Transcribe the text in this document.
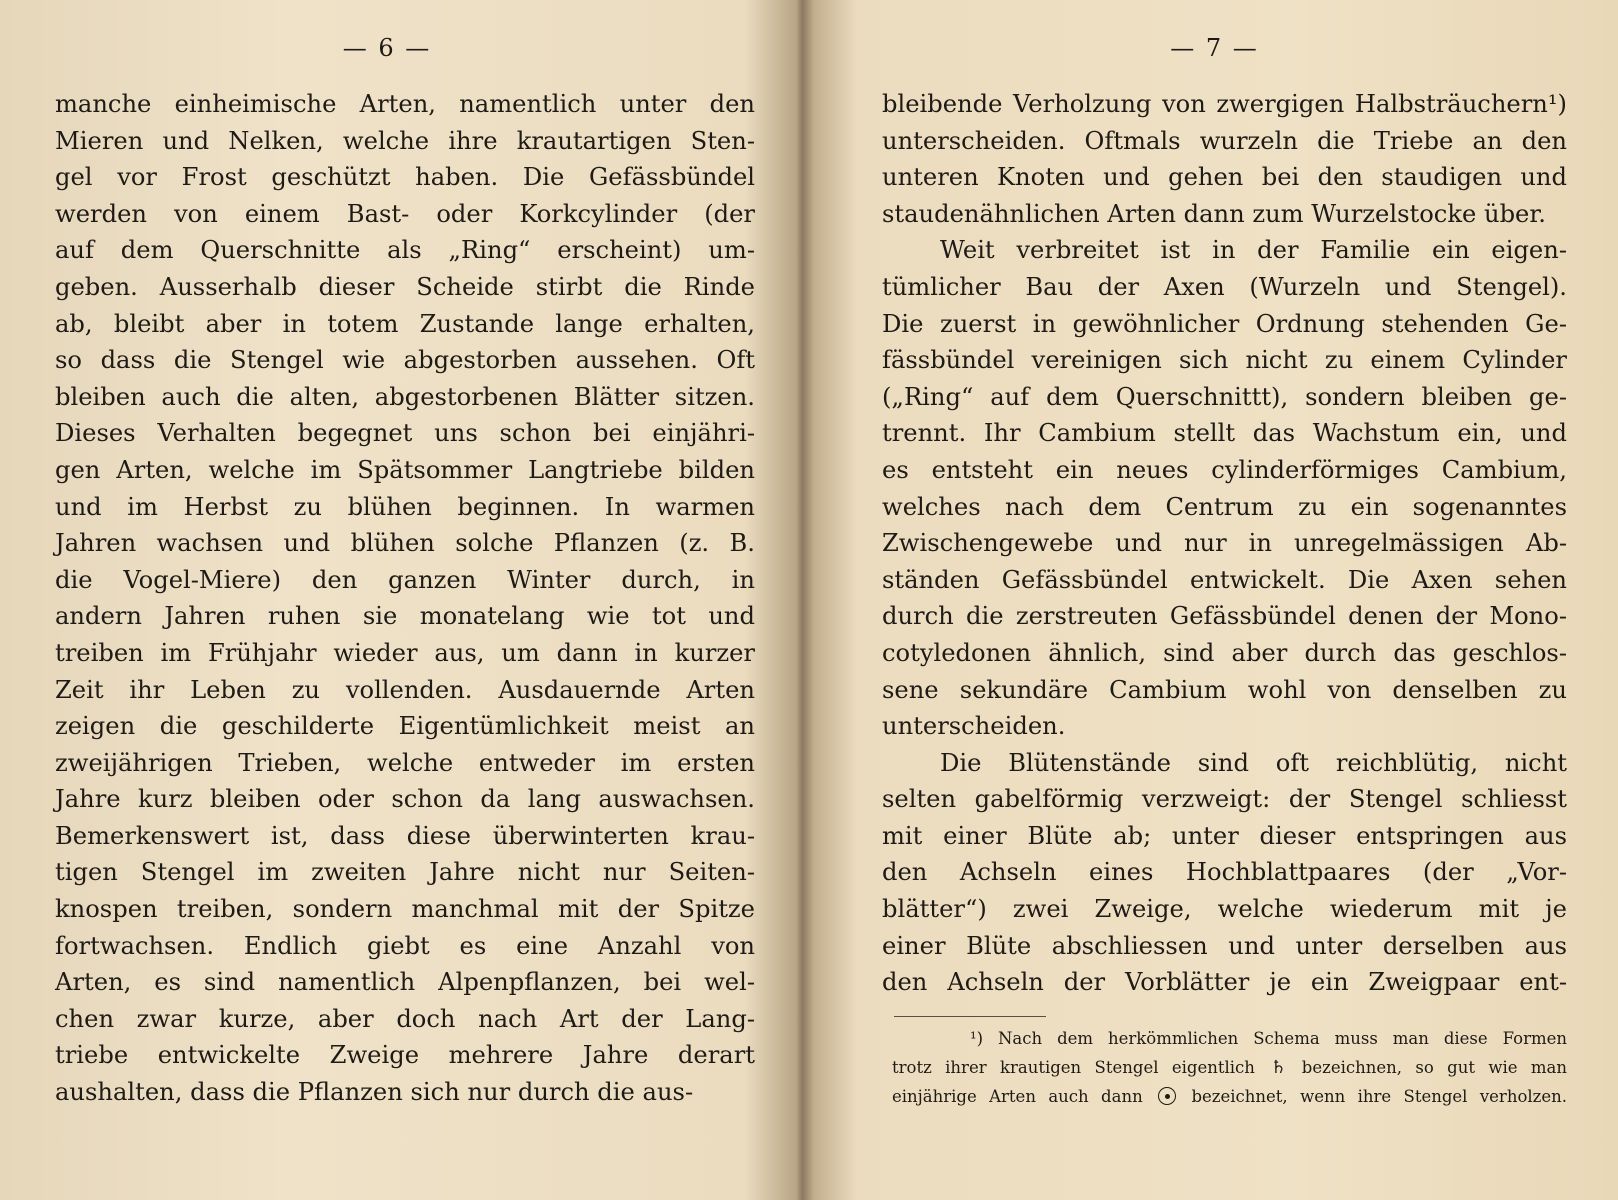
— 6 —
manche einheimische Arten, namentlich unter den
Mieren und Nelken, welche ihre krautartigen Sten-
gel vor Frost geschützt haben. Die Gefässbündel
werden von einem Bast- oder Korkcylinder (der
auf dem Querschnitte als „Ring“ erscheint) um-
geben. Ausserhalb dieser Scheide stirbt die Rinde
ab, bleibt aber in totem Zustande lange erhalten,
so dass die Stengel wie abgestorben aussehen. Oft
bleiben auch die alten, abgestorbenen Blätter sitzen.
Dieses Verhalten begegnet uns schon bei einjähri-
gen Arten, welche im Spätsommer Langtriebe bilden
und im Herbst zu blühen beginnen. In warmen
Jahren wachsen und blühen solche Pflanzen (z. B.
die Vogel-Miere) den ganzen Winter durch, in
andern Jahren ruhen sie monatelang wie tot und
treiben im Frühjahr wieder aus, um dann in kurzer
Zeit ihr Leben zu vollenden. Ausdauernde Arten
zeigen die geschilderte Eigentümlichkeit meist an
zweijährigen Trieben, welche entweder im ersten
Jahre kurz bleiben oder schon da lang auswachsen.
Bemerkenswert ist, dass diese überwinterten krau-
tigen Stengel im zweiten Jahre nicht nur Seiten-
knospen treiben, sondern manchmal mit der Spitze
fortwachsen. Endlich giebt es eine Anzahl von
Arten, es sind namentlich Alpenpflanzen, bei wel-
chen zwar kurze, aber doch nach Art der Lang-
triebe entwickelte Zweige mehrere Jahre derart
aushalten, dass die Pflanzen sich nur durch die aus-
— 7 —
bleibende Verholzung von zwergigen Halbsträuchern¹)
unterscheiden. Oftmals wurzeln die Triebe an den
unteren Knoten und gehen bei den staudigen und
staudenähnlichen Arten dann zum Wurzelstocke über.
Weit verbreitet ist in der Familie ein eigen-
tümlicher Bau der Axen (Wurzeln und Stengel).
Die zuerst in gewöhnlicher Ordnung stehenden Ge-
fässbündel vereinigen sich nicht zu einem Cylinder
(„Ring“ auf dem Querschnittt), sondern bleiben ge-
trennt. Ihr Cambium stellt das Wachstum ein, und
es entsteht ein neues cylinderförmiges Cambium,
welches nach dem Centrum zu ein sogenanntes
Zwischengewebe und nur in unregelmässigen Ab-
ständen Gefässbündel entwickelt. Die Axen sehen
durch die zerstreuten Gefässbündel denen der Mono-
cotyledonen ähnlich, sind aber durch das geschlos-
sene sekundäre Cambium wohl von denselben zu
unterscheiden.
Die Blütenstände sind oft reichblütig, nicht
selten gabelförmig verzweigt: der Stengel schliesst
mit einer Blüte ab; unter dieser entspringen aus
den Achseln eines Hochblattpaares (der „Vor-
blätter“) zwei Zweige, welche wiederum mit je
einer Blüte abschliessen und unter derselben aus
den Achseln der Vorblätter je ein Zweigpaar ent-
¹) Nach dem herkömmlichen Schema muss man diese Formen
trotz ihrer krautigen Stengel eigentlich ♄ bezeichnen, so gut wie man
einjährige Arten auch dann	bezeichnet, wenn ihre Stengel verholzen.
